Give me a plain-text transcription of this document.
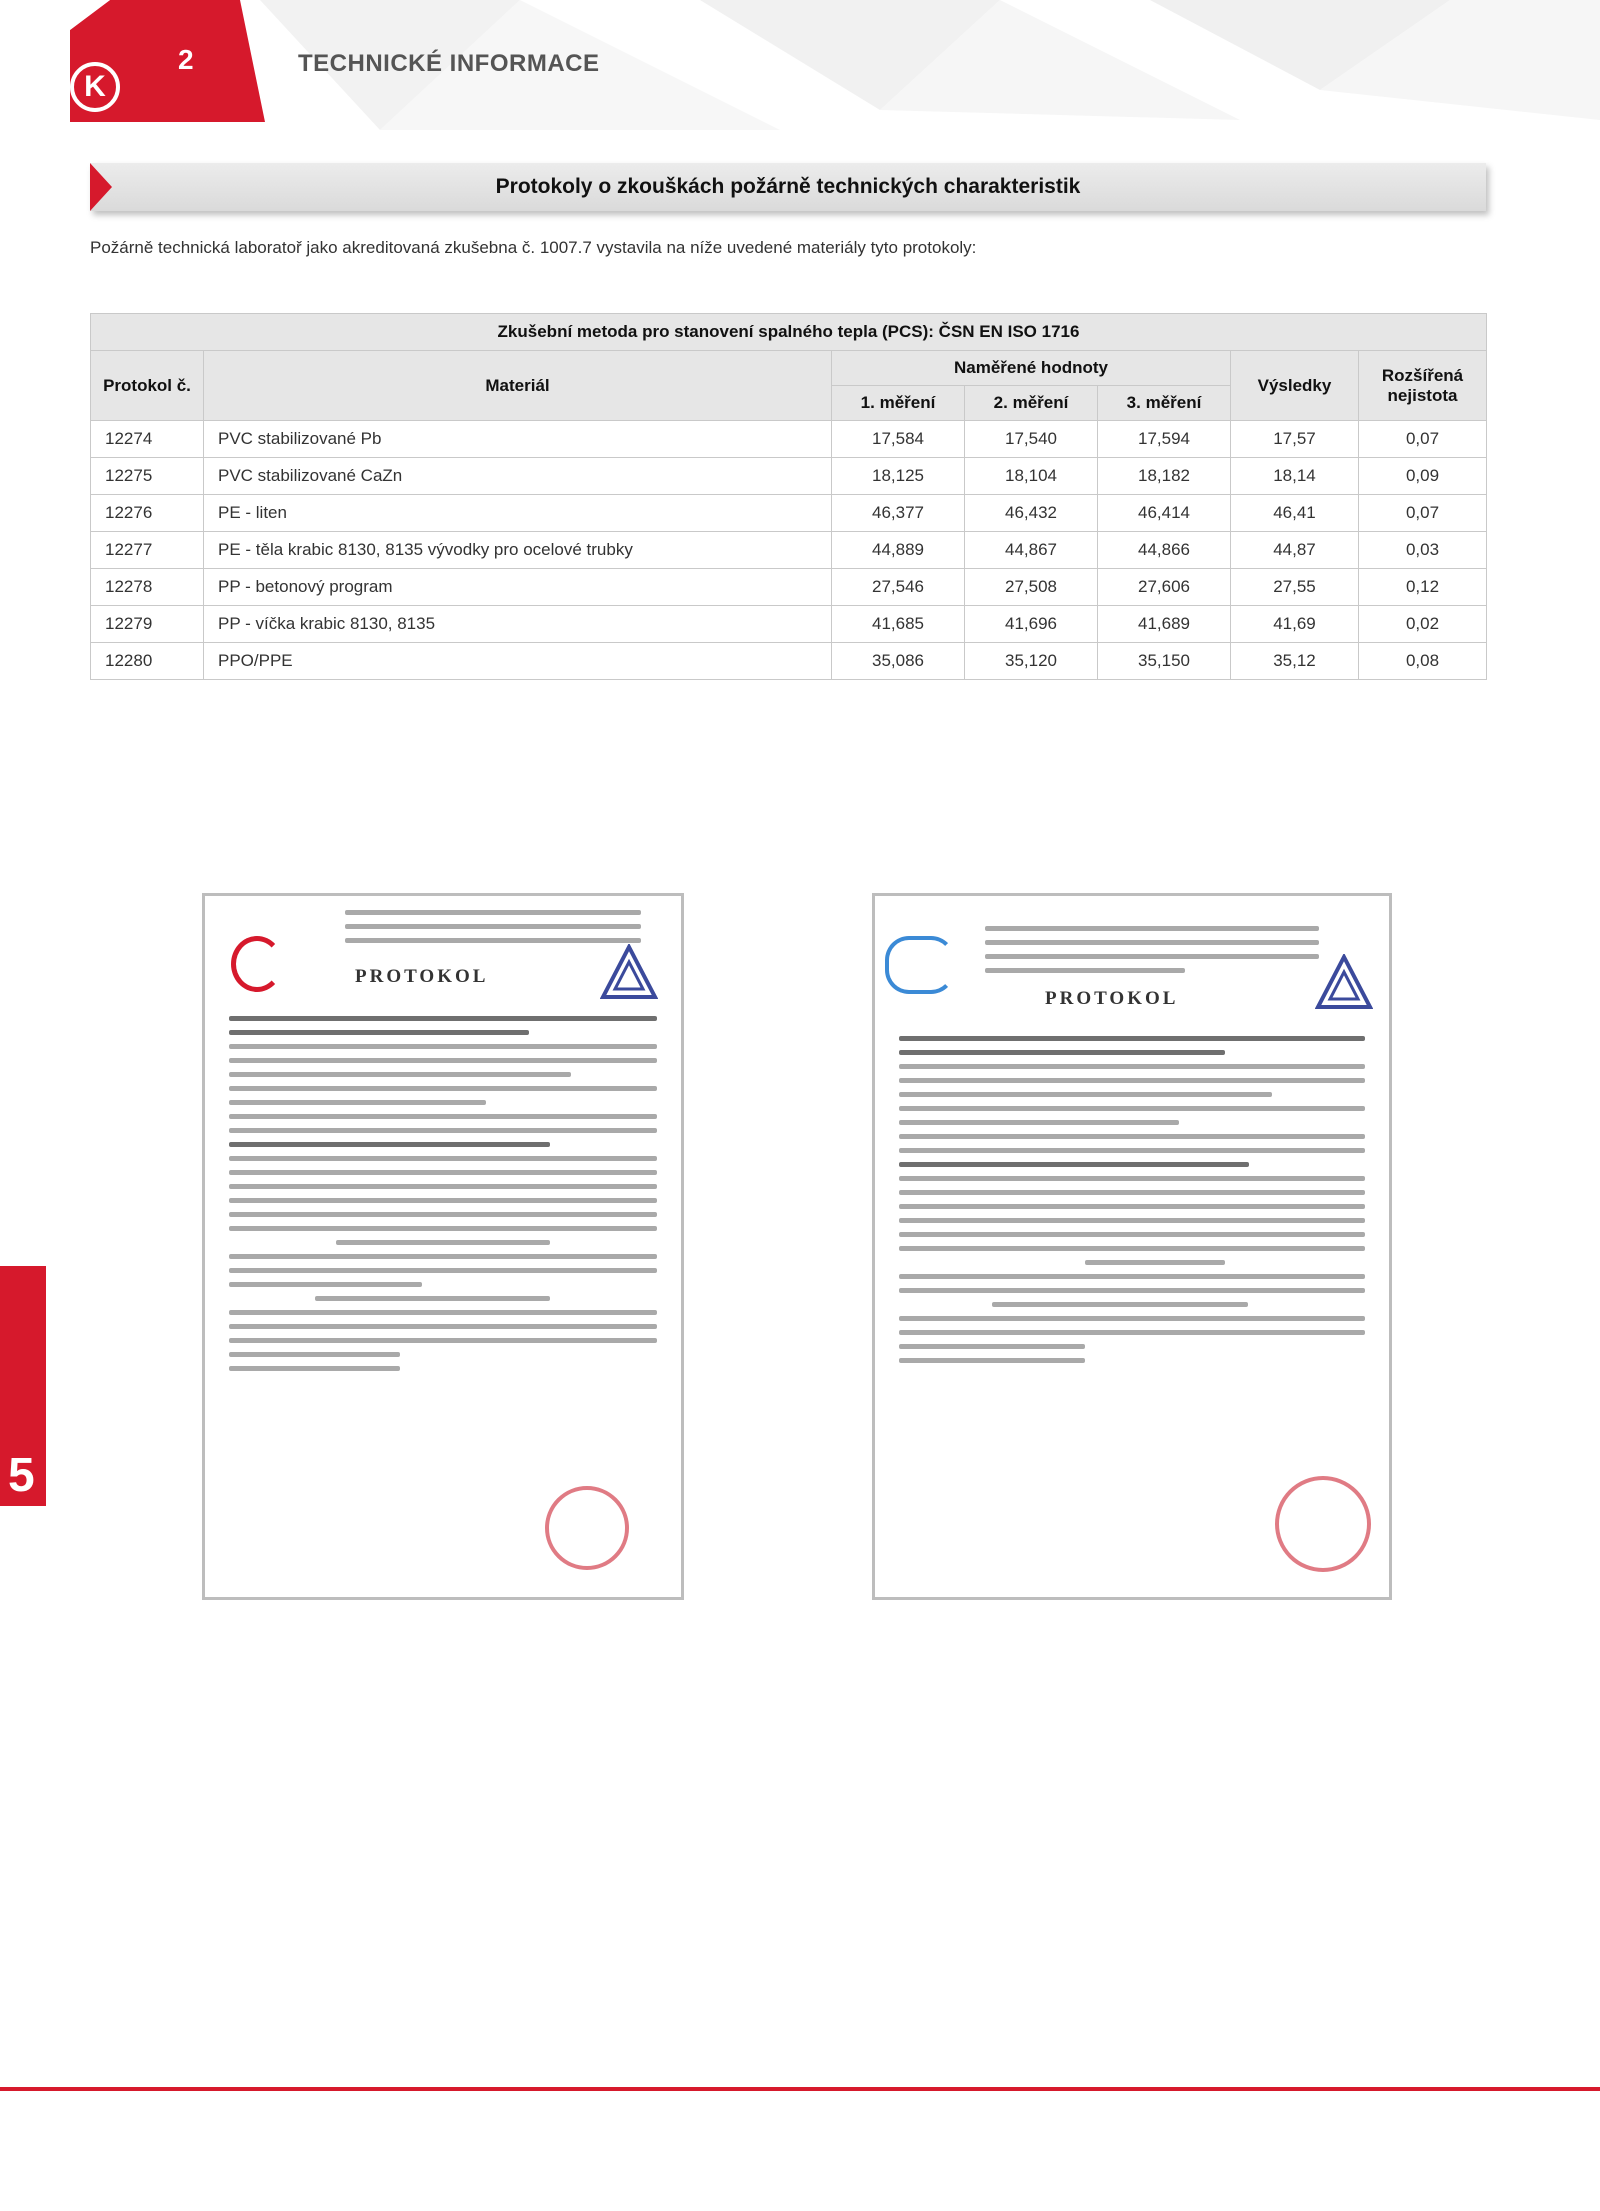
K
2	TECHNICKÉ INFORMACE
Protokoly o zkouškách požárně technických charakteristik
Požárně technická laboratoř jako akreditovaná zkušebna č. 1007.7 vystavila na níže uvedené materiály tyto protokoly:
Zkušební metoda pro stanovení spalného tepla (PCS): ČSN EN ISO 1716						
Protokol č.	Materiál	Naměřené hodnoty			Výsledky	Rozšířená nejistota
		1. měření	2. měření	3. měření		
12274	PVC stabilizované Pb	17,584	17,540	17,594	17,57	0,07
12275	PVC stabilizované CaZn	18,125	18,104	18,182	18,14	0,09
12276	PE - liten	46,377	46,432	46,414	46,41	0,07
12277	PE - těla krabic 8130, 8135 vývodky pro ocelové trubky	44,889	44,867	44,866	44,87	0,03
12278	PP - betonový program	27,546	27,508	27,606	27,55	0,12
12279	PP - víčka krabic 8130, 8135	41,685	41,696	41,689	41,69	0,02
12280	PPO/PPE	35,086	35,120	35,150	35,12	0,08
PROTOKOL
PROTOKOL
5
